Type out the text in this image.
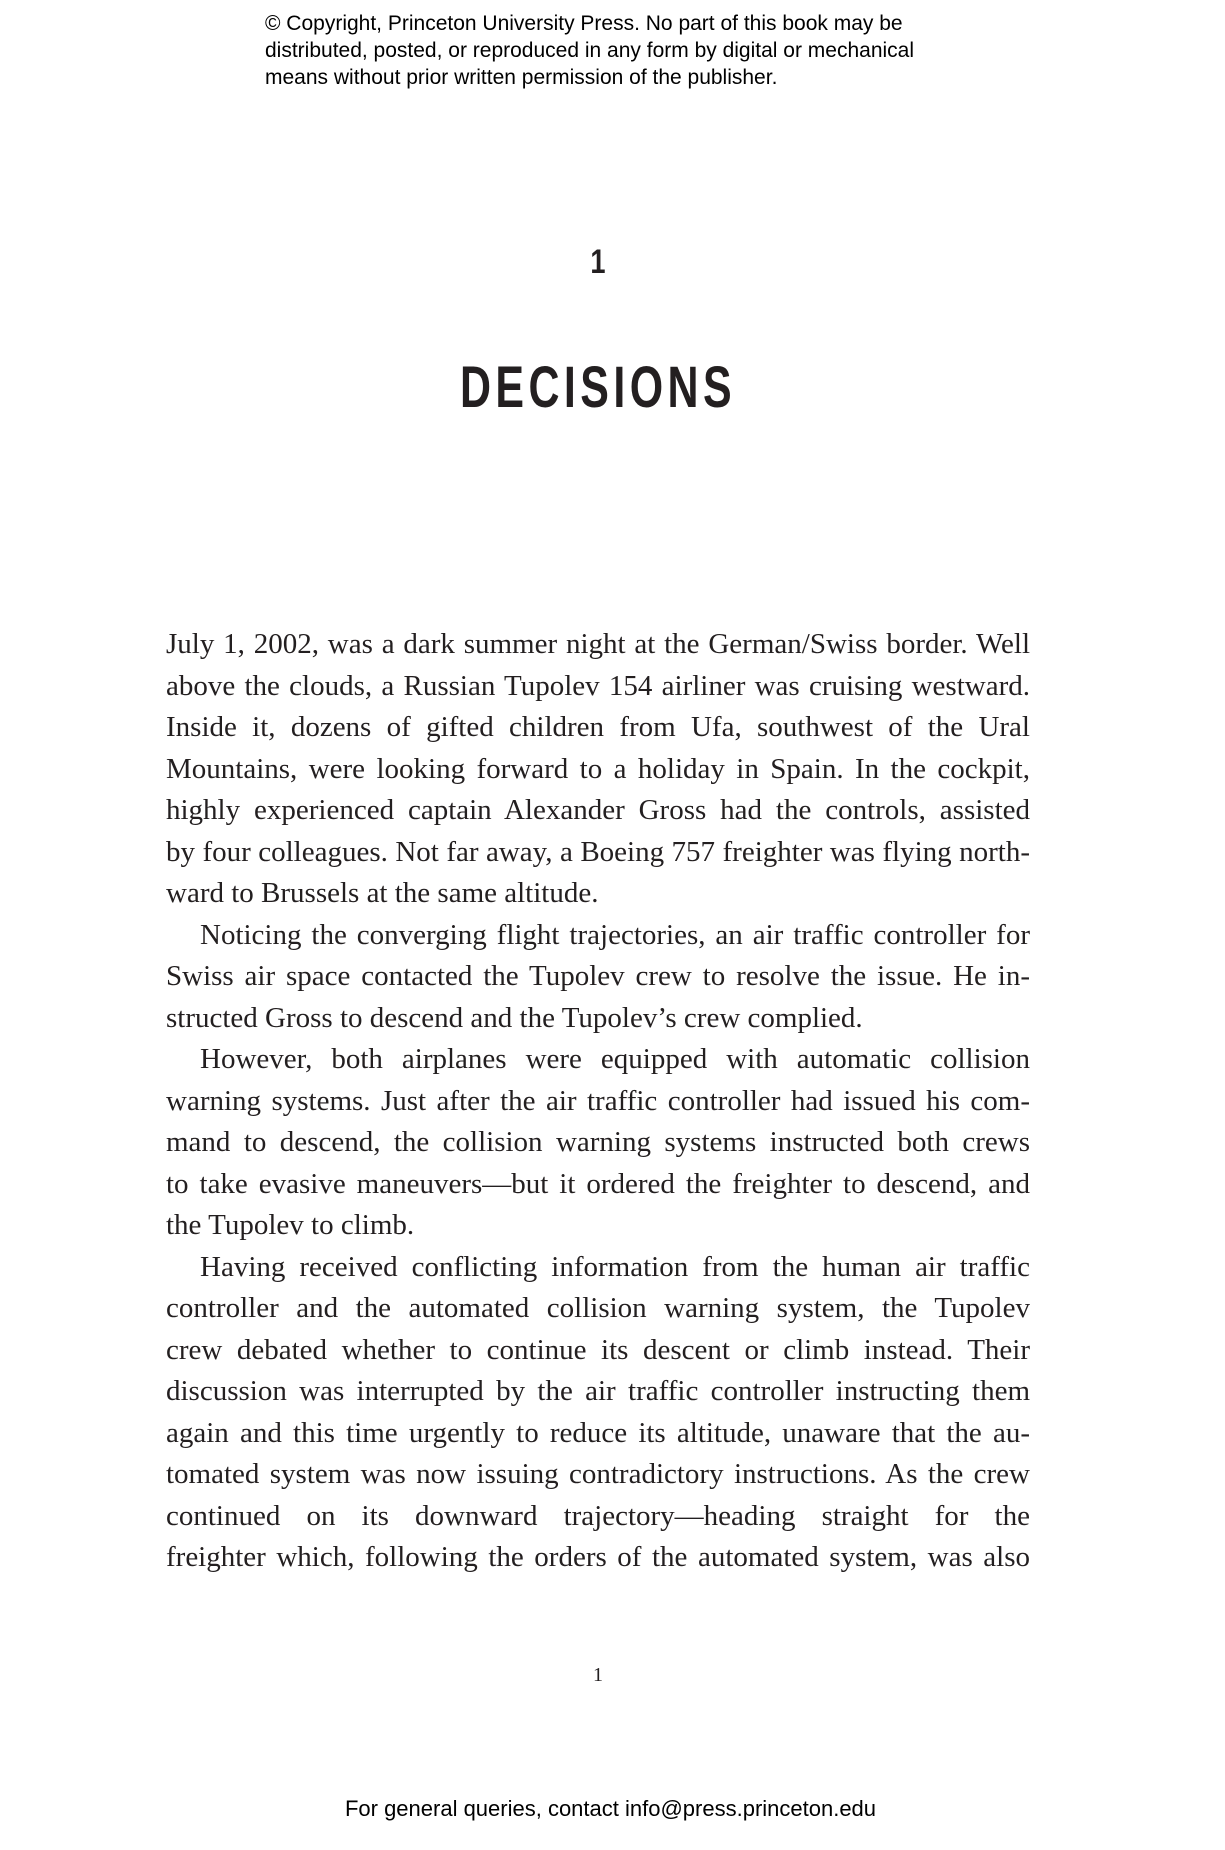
© Copyright, Princeton University Press. No part of this book may be
distributed, posted, or reproduced in any form by digital or mechanical
means without prior written permission of the publisher.
1
DECISIONS
July 1, 2002, was a dark summer night at the German/Swiss border. Well
above the clouds, a Russian Tupolev 154 airliner was cruising westward.
Inside it, dozens of gifted children from Ufa, southwest of the Ural
Mountains, were looking forward to a holiday in Spain. In the cockpit,
highly experienced captain Alexander Gross had the controls, assisted
by four colleagues. Not far away, a Boeing 757 freighter was flying north-
ward to Brussels at the same altitude.
Noticing the converging flight trajectories, an air traffic controller for
Swiss air space contacted the Tupolev crew to resolve the issue. He in-
structed Gross to descend and the Tupolev’s crew complied.
However, both airplanes were equipped with automatic collision
warning systems. Just after the air traffic controller had issued his com-
mand to descend, the collision warning systems instructed both crews
to take evasive maneuvers—but it ordered the freighter to descend, and
the Tupolev to climb.
Having received conflicting information from the human air traffic
controller and the automated collision warning system, the Tupolev
crew debated whether to continue its descent or climb instead. Their
discussion was interrupted by the air traffic controller instructing them
again and this time urgently to reduce its altitude, unaware that the au-
tomated system was now issuing contradictory instructions. As the crew
continued on its downward trajectory—heading straight for the
freighter which, following the orders of the automated system, was also
1
For general queries, contact info@press.princeton.edu
